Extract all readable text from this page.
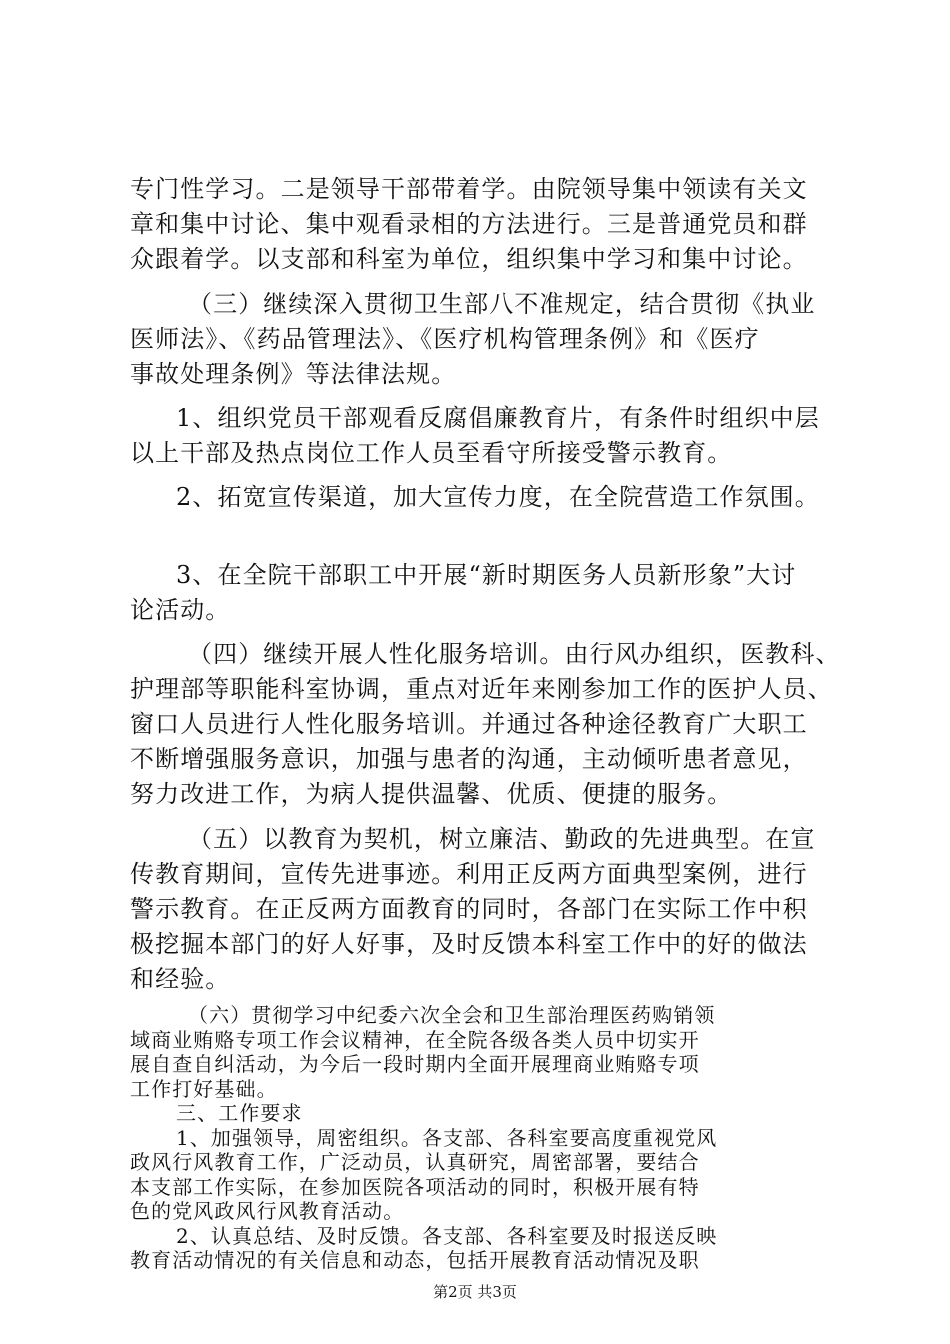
专门性学习。二是领导干部带着学。由院领导集中领读有关文
章和集中讨论、集中观看录相的方法进行。三是普通党员和群
众跟着学。以支部和科室为单位，组织集中学习和集中讨论。
（三）继续深入贯彻卫生部八不准规定，结合贯彻《执业
医师法》、《药品管理法》、《医疗机构管理条例》和《医疗
事故处理条例》等法律法规。
1、组织党员干部观看反腐倡廉教育片，有条件时组织中层
以上干部及热点岗位工作人员至看守所接受警示教育。
2、拓宽宣传渠道，加大宣传力度，在全院营造工作氛围。
3、在全院干部职工中开展“新时期医务人员新形象”大讨
论活动。
（四）继续开展人性化服务培训。由行风办组织，医教科、
护理部等职能科室协调，重点对近年来刚参加工作的医护人员、
窗口人员进行人性化服务培训。并通过各种途径教育广大职工
不断增强服务意识，加强与患者的沟通，主动倾听患者意见，
努力改进工作，为病人提供温馨、优质、便捷的服务。
（五）以教育为契机，树立廉洁、勤政的先进典型。在宣
传教育期间，宣传先进事迹。利用正反两方面典型案例，进行
警示教育。在正反两方面教育的同时，各部门在实际工作中积
极挖掘本部门的好人好事，及时反馈本科室工作中的好的做法
和经验。
（六）贯彻学习中纪委六次全会和卫生部治理医药购销领
域商业贿赂专项工作会议精神，在全院各级各类人员中切实开
展自查自纠活动，为今后一段时期内全面开展理商业贿赂专项
工作打好基础。
三、工作要求
1、加强领导，周密组织。各支部、各科室要高度重视党风
政风行风教育工作，广泛动员，认真研究，周密部署，要结合
本支部工作实际，在参加医院各项活动的同时，积极开展有特
色的党风政风行风教育活动。
2、认真总结、及时反馈。各支部、各科室要及时报送反映
教育活动情况的有关信息和动态，包括开展教育活动情况及职
第2页 共3页
